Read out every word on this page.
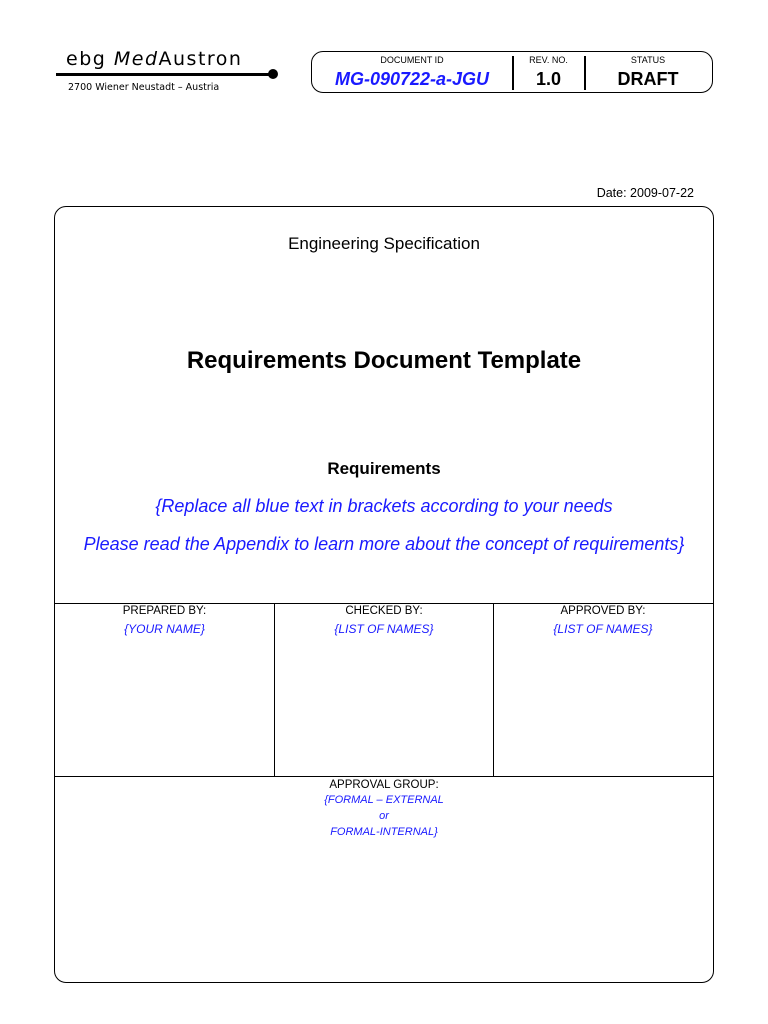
ebg MedAustron
2700 Wiener Neustadt – Austria
DOCUMENT ID
MG-090722-a-JGU
REV. NO.
1.0
STATUS
DRAFT
Date: 2009-07-22
Engineering Specification
Requirements Document Template
Requirements
{Replace all blue text in brackets according to your needs
Please read the Appendix to learn more about the concept of requirements}
PREPARED BY:
{YOUR NAME}
CHECKED BY:
{LIST OF NAMES}
APPROVED BY:
{LIST OF NAMES}
APPROVAL GROUP:
{FORMAL – EXTERNAL
or
FORMAL-INTERNAL}
